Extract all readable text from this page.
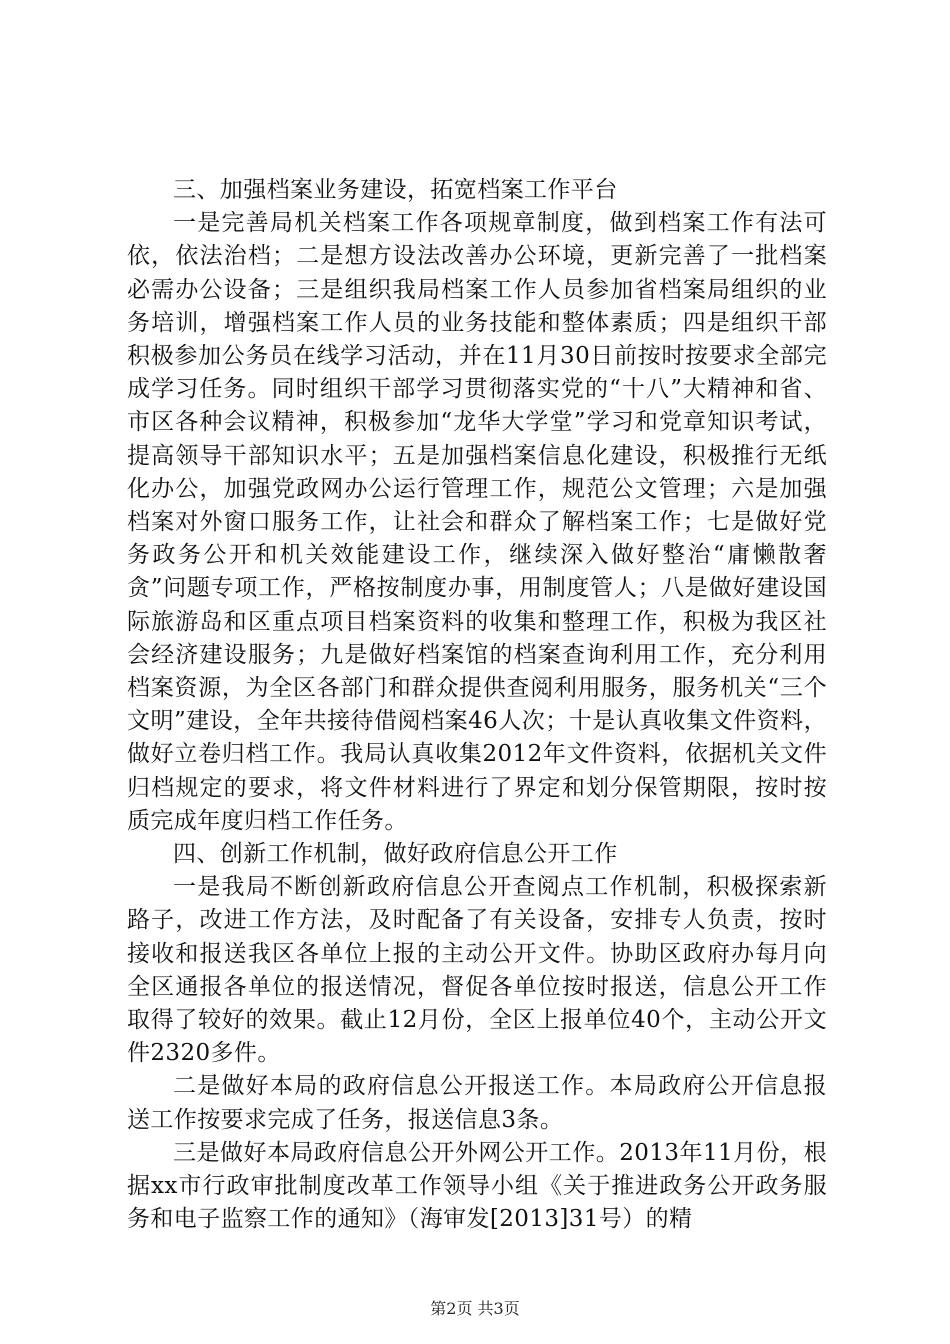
三、加强档案业务建设，拓宽档案工作平台

一是完善局机关档案工作各项规章制度，做到档案工作有法可依，依法治档；二是想方设法改善办公环境，更新完善了一批档案必需办公设备；三是组织我局档案工作人员参加省档案局组织的业务培训，增强档案工作人员的业务技能和整体素质；四是组织干部积极参加公务员在线学习活动，并在11月30日前按时按要求全部完成学习任务。同时组织干部学习贯彻落实党的“十八”大精神和省、市区各种会议精神，积极参加“龙华大学堂”学习和党章知识考试，提高领导干部知识水平；五是加强档案信息化建设，积极推行无纸化办公，加强党政网办公运行管理工作，规范公文管理；六是加强档案对外窗口服务工作，让社会和群众了解档案工作；七是做好党务政务公开和机关效能建设工作，继续深入做好整治“庸懒散奢贪”问题专项工作，严格按制度办事，用制度管人；八是做好建设国际旅游岛和区重点项目档案资料的收集和整理工作，积极为我区社会经济建设服务；九是做好档案馆的档案查询利用工作，充分利用档案资源，为全区各部门和群众提供查阅利用服务，服务机关“三个文明”建设，全年共接待借阅档案46人次；十是认真收集文件资料，做好立卷归档工作。我局认真收集2012年文件资料，依据机关文件归档规定的要求，将文件材料进行了界定和划分保管期限，按时按质完成年度归档工作任务。

四、创新工作机制，做好政府信息公开工作

一是我局不断创新政府信息公开查阅点工作机制，积极探索新路子，改进工作方法，及时配备了有关设备，安排专人负责，按时接收和报送我区各单位上报的主动公开文件。协助区政府办每月向全区通报各单位的报送情况，督促各单位按时报送，信息公开工作取得了较好的效果。截止12月份，全区上报单位40个，主动公开文件2320多件。

二是做好本局的政府信息公开报送工作。本局政府公开信息报送工作按要求完成了任务，报送信息3条。

三是做好本局政府信息公开外网公开工作。2013年11月份，根据xx市行政审批制度改革工作领导小组《关于推进政务公开政务服务和电子监察工作的通知》（海审发[2013]31号）的精

第2页 共3页
